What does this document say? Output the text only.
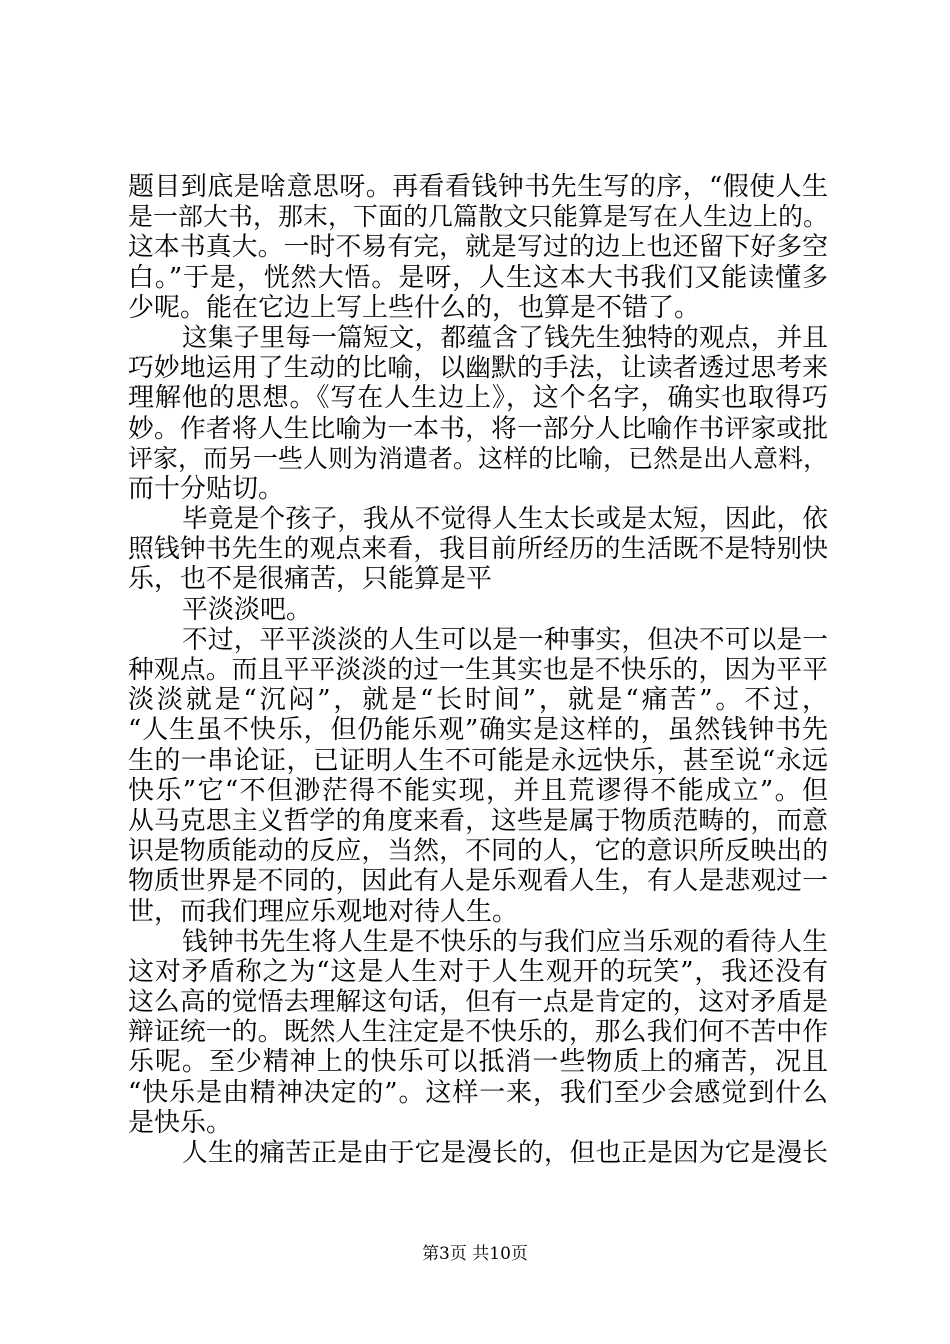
题目到底是啥意思呀。再看看钱钟书先生写的序，“假使人生
是一部大书，那末，下面的几篇散文只能算是写在人生边上的。
这本书真大。一时不易有完，就是写过的边上也还留下好多空
白。”于是，恍然大悟。是呀，人生这本大书我们又能读懂多
少呢。能在它边上写上些什么的，也算是不错了。
这集子里每一篇短文，都蕴含了钱先生独特的观点，并且
巧妙地运用了生动的比喻，以幽默的手法，让读者透过思考来
理解他的思想。《写在人生边上》，这个名字，确实也取得巧
妙。作者将人生比喻为一本书，将一部分人比喻作书评家或批
评家，而另一些人则为消遣者。这样的比喻，已然是出人意料，
而十分贴切。
毕竟是个孩子，我从不觉得人生太长或是太短，因此，依
照钱钟书先生的观点来看，我目前所经历的生活既不是特别快
乐，也不是很痛苦，只能算是平
平淡淡吧。
不过，平平淡淡的人生可以是一种事实，但决不可以是一
种观点。而且平平淡淡的过一生其实也是不快乐的，因为平平
淡淡就是“沉闷”，就是“长时间”，就是“痛苦”。不过，
“人生虽不快乐，但仍能乐观”确实是这样的，虽然钱钟书先
生的一串论证，已证明人生不可能是永远快乐，甚至说“永远
快乐”它“不但渺茫得不能实现，并且荒谬得不能成立”。但
从马克思主义哲学的角度来看，这些是属于物质范畴的，而意
识是物质能动的反应，当然，不同的人，它的意识所反映出的
物质世界是不同的，因此有人是乐观看人生，有人是悲观过一
世，而我们理应乐观地对待人生。
钱钟书先生将人生是不快乐的与我们应当乐观的看待人生
这对矛盾称之为“这是人生对于人生观开的玩笑”，我还没有
这么高的觉悟去理解这句话，但有一点是肯定的，这对矛盾是
辩证统一的。既然人生注定是不快乐的，那么我们何不苦中作
乐呢。至少精神上的快乐可以抵消一些物质上的痛苦，况且
“快乐是由精神决定的”。这样一来，我们至少会感觉到什么
是快乐。
人生的痛苦正是由于它是漫长的，但也正是因为它是漫长
第3页 共10页
